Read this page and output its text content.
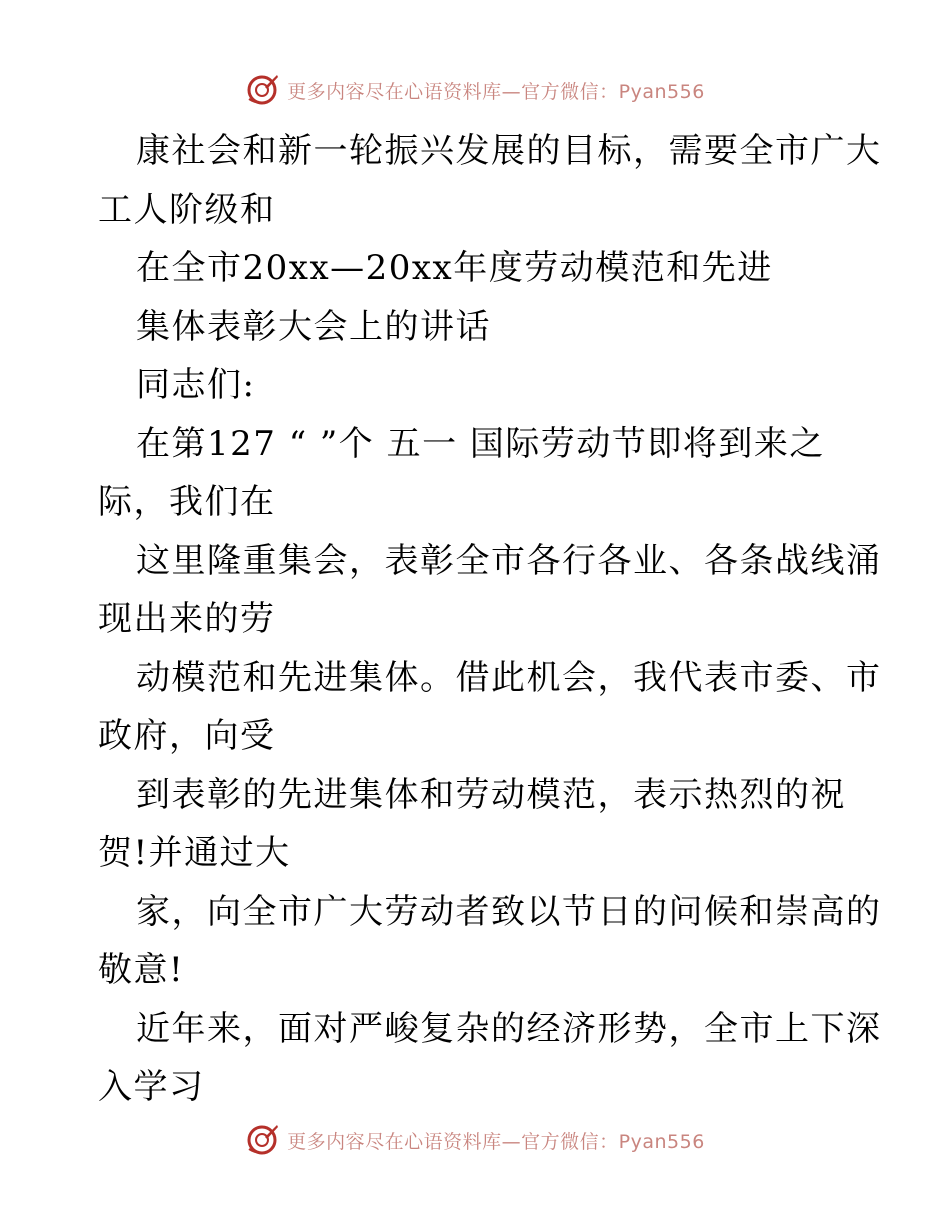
更多内容尽在心语资料库—官方微信：Pyan556
康社会和新一轮振兴发展的目标，需要全市广大
工人阶级和
在全市20xx—20xx年度劳动模范和先进
集体表彰大会上的讲话
同志们:
在第127 “ ”个 五一 国际劳动节即将到来之
际，我们在
这里隆重集会，表彰全市各行各业、各条战线涌
现出来的劳
动模范和先进集体。借此机会，我代表市委、市
政府，向受
到表彰的先进集体和劳动模范，表示热烈的祝
贺!并通过大
家，向全市广大劳动者致以节日的问候和崇高的
敬意!
近年来，面对严峻复杂的经济形势，全市上下深
入学习
更多内容尽在心语资料库—官方微信：Pyan556
